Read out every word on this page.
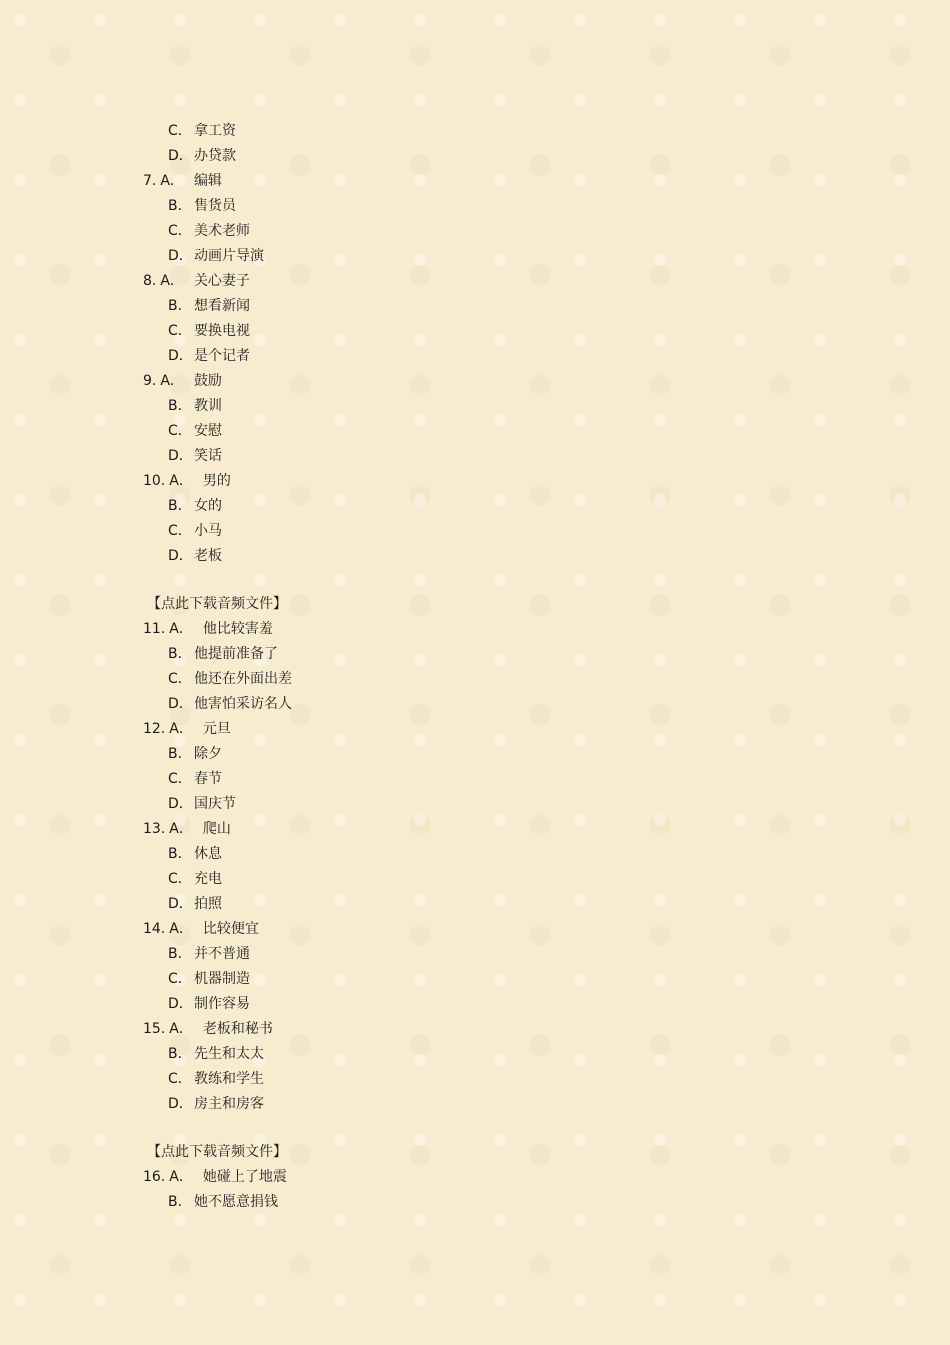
C． 拿工资
D．办贷款
7. A． 编辑
B． 售货员
C． 美术老师
D．动画片导演
8. A． 关心妻子
B． 想看新闻
C． 要换电视
D．是个记者
9. A． 鼓励
B． 教训
C． 安慰
D．笑话
10. A． 男的
B． 女的
C． 小马
D．老板
【点此下载音频文件】
11. A． 他比较害羞
B． 他提前准备了
C． 他还在外面出差
D．他害怕采访名人
12. A． 元旦
B． 除夕
C． 春节
D．国庆节
13. A． 爬山
B． 休息
C． 充电
D．拍照
14. A． 比较便宜
B． 并不普通
C． 机器制造
D．制作容易
15. A． 老板和秘书
B． 先生和太太
C． 教练和学生
D．房主和房客
【点此下载音频文件】
16. A． 她碰上了地震
B． 她不愿意捐钱
